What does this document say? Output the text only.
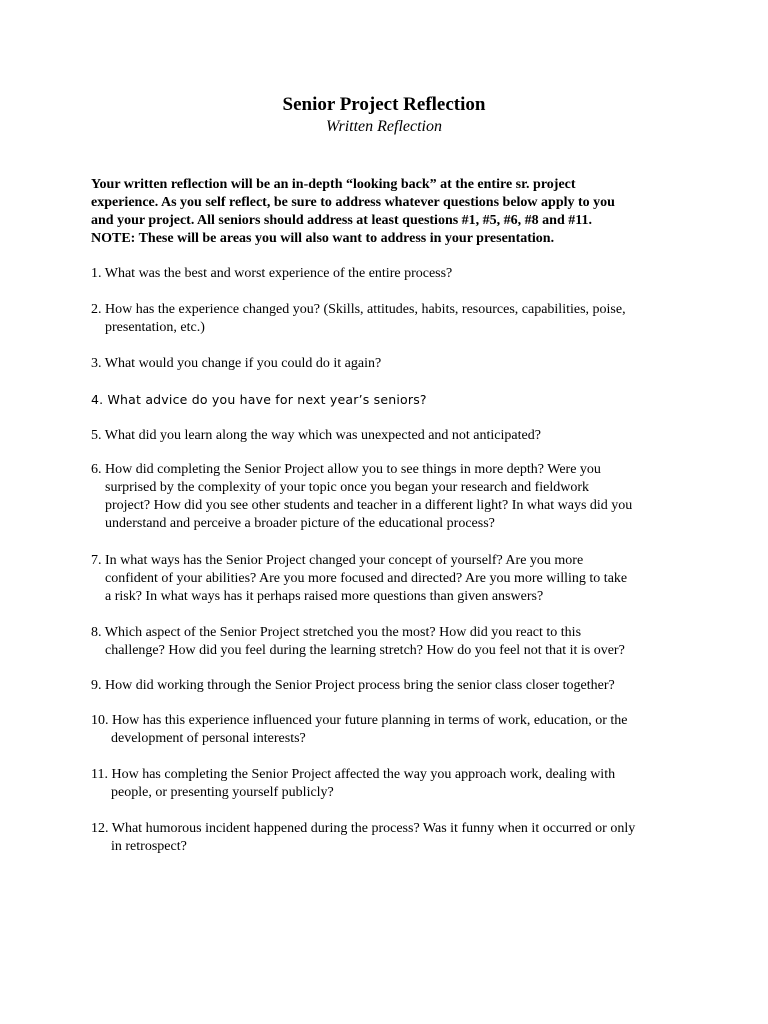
Senior Project Reflection
Written Reflection
Your written reflection will be an in-depth “looking back” at the entire sr. project
experience. As you self reflect, be sure to address whatever questions below apply to you
and your project. All seniors should address at least questions #1, #5, #6, #8 and #11.
NOTE: These will be areas you will also want to address in your presentation.
1. What was the best and worst experience of the entire process?
2. How has the experience changed you? (Skills, attitudes, habits, resources, capabilities, poise,
presentation, etc.)
3. What would you change if you could do it again?
4. What advice do you have for next year’s seniors?
5. What did you learn along the way which was unexpected and not anticipated?
6. How did completing the Senior Project allow you to see things in more depth? Were you
surprised by the complexity of your topic once you began your research and fieldwork
project? How did you see other students and teacher in a different light? In what ways did you
understand and perceive a broader picture of the educational process?
7. In what ways has the Senior Project changed your concept of yourself? Are you more
confident of your abilities? Are you more focused and directed? Are you more willing to take
a risk? In what ways has it perhaps raised more questions than given answers?
8. Which aspect of the Senior Project stretched you the most? How did you react to this
challenge? How did you feel during the learning stretch? How do you feel not that it is over?
9. How did working through the Senior Project process bring the senior class closer together?
10. How has this experience influenced your future planning in terms of work, education, or the
development of personal interests?
11. How has completing the Senior Project affected the way you approach work, dealing with
people, or presenting yourself publicly?
12. What humorous incident happened during the process? Was it funny when it occurred or only
in retrospect?
